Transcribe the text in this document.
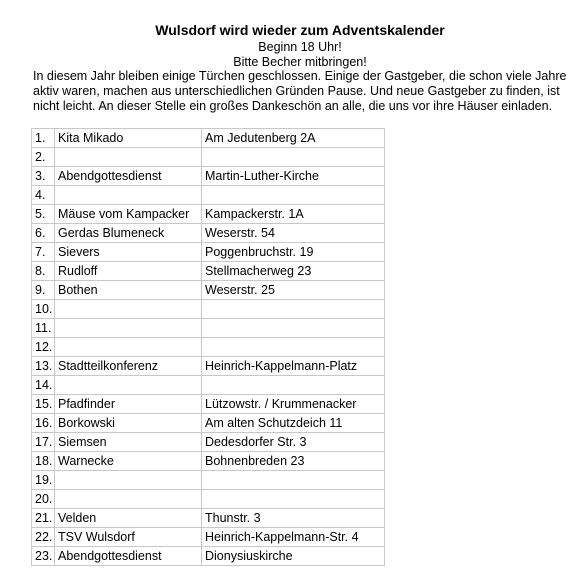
Wulsdorf wird wieder zum Adventskalender
Beginn 18 Uhr!
Bitte Becher mitbringen!

In diesem Jahr bleiben einige Türchen geschlossen. Einige der Gastgeber, die schon viele Jahre aktiv waren, machen aus unterschiedlichen Gründen Pause. Und neue Gastgeber zu finden, ist nicht leicht. An dieser Stelle ein großes Dankeschön an alle, die uns vor ihre Häuser einladen.

1.	Kita Mikado	Am Jedutenberg 2A
2.		
3.	Abendgottesdienst	Martin-Luther-Kirche
4.		
5.	Mäuse vom Kampacker	Kampackerstr. 1A
6.	Gerdas Blumeneck	Weserstr. 54
7.	Sievers	Poggenbruchstr. 19
8.	Rudloff	Stellmacherweg 23
9.	Bothen	Weserstr. 25
10.		
11.		
12.		
13.	Stadtteilkonferenz	Heinrich-Kappelmann-Platz
14.		
15.	Pfadfinder	Lützowstr. / Krummenacker
16.	Borkowski	Am alten Schutzdeich 11
17.	Siemsen	Dedesdorfer Str. 3
18.	Warnecke	Bohnenbreden 23
19.		
20.		
21.	Velden	Thunstr. 3
22.	TSV Wulsdorf	Heinrich-Kappelmann-Str. 4
23.	Abendgottesdienst	Dionysiuskirche
